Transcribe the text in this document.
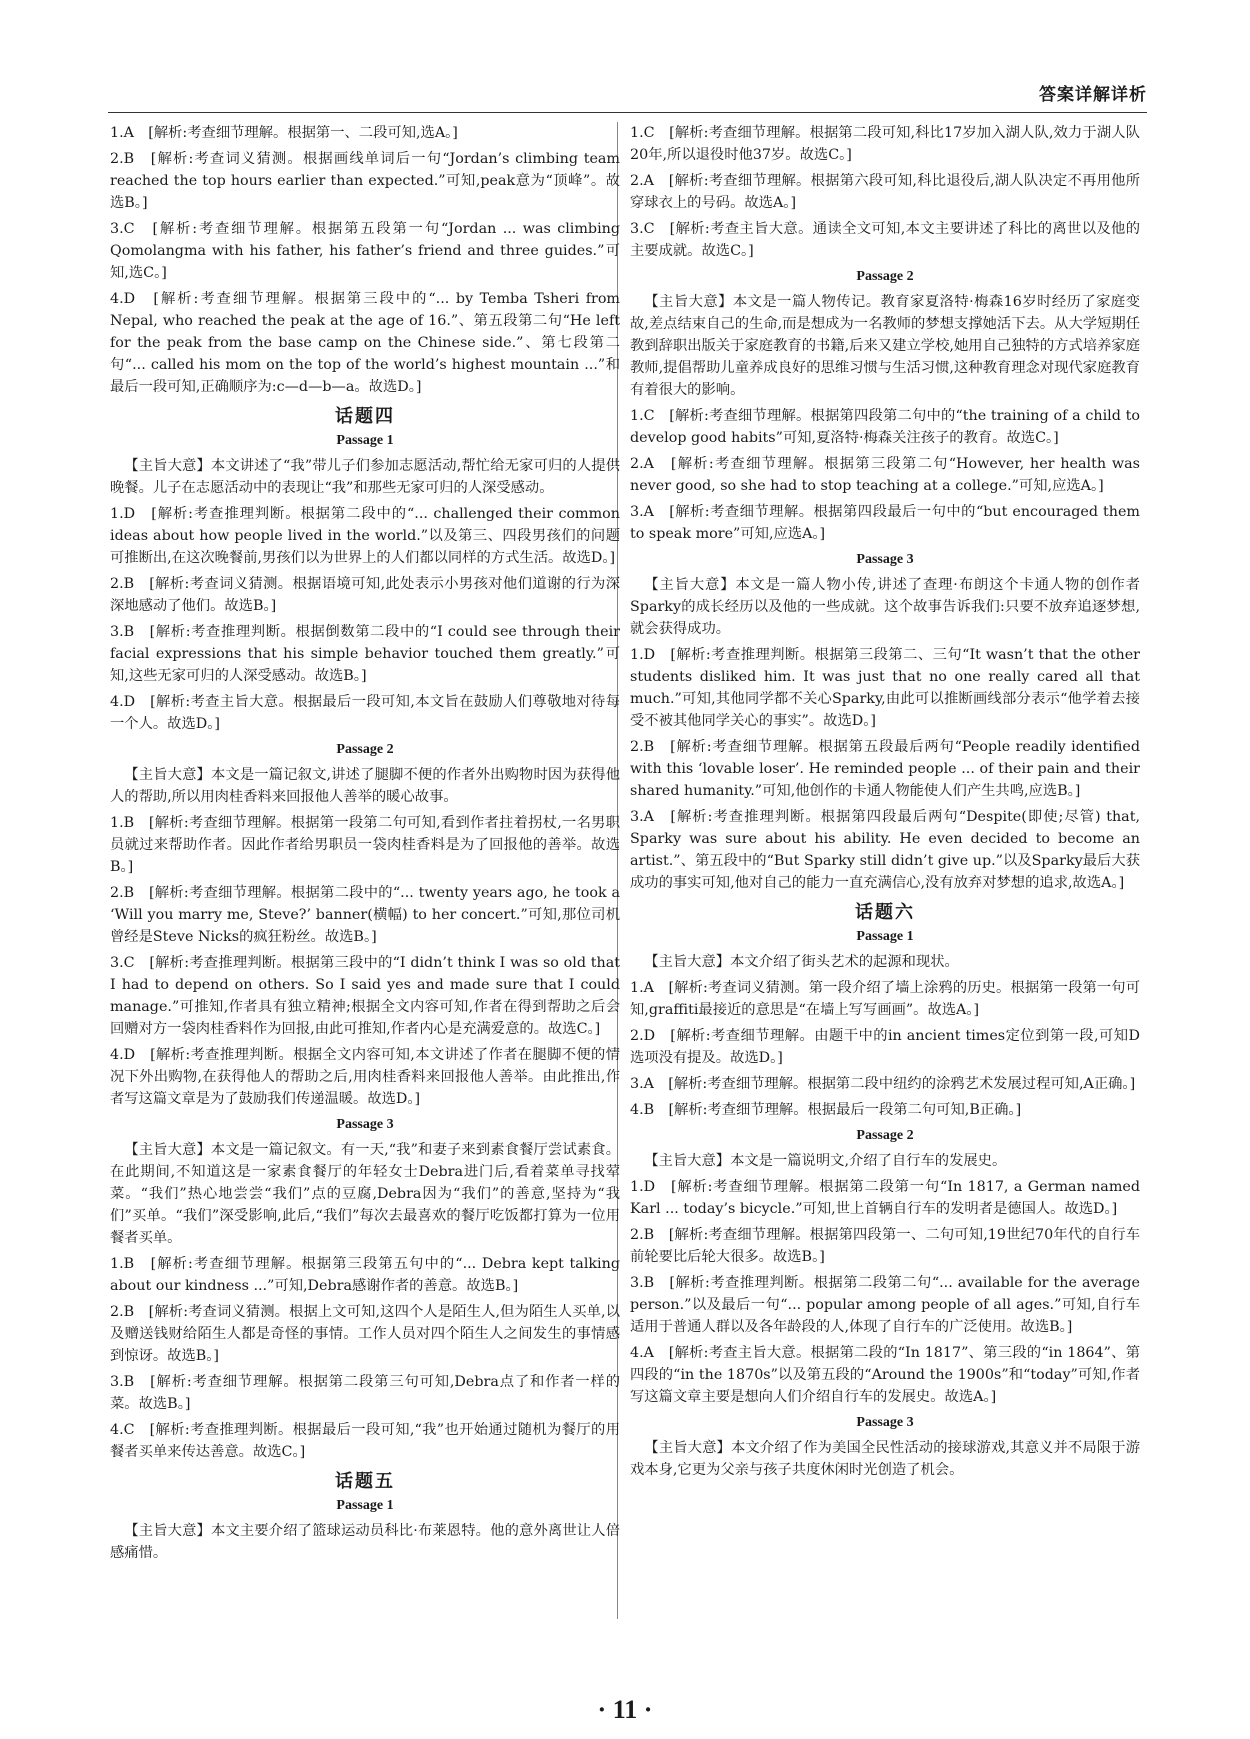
答案详解详析
1.A　[解析:考查细节理解。根据第一、二段可知,选A。]
2.B　[解析:考查词义猜测。根据画线单词后一句“Jordan’s climbing team reached the top hours earlier than expected.”可知,peak意为“顶峰”。故选B。]
3.C　[解析:考查细节理解。根据第五段第一句“Jordan ... was climbing Qomolangma with his father, his father’s friend and three guides.”可知,选C。]
4.D　[解析:考查细节理解。根据第三段中的“... by Temba Tsheri from Nepal, who reached the peak at the age of 16.”、第五段第二句“He left for the peak from the base camp on the Chinese side.”、第七段第二句“... called his mom on the top of the world’s highest mountain ...”和最后一段可知,正确顺序为:c—d—b—a。故选D。]
话题四
Passage 1
【主旨大意】本文讲述了“我”带儿子们参加志愿活动,帮忙给无家可归的人提供晚餐。儿子在志愿活动中的表现让“我”和那些无家可归的人深受感动。
1.D　[解析:考查推理判断。根据第二段中的“... challenged their common ideas about how people lived in the world.”以及第三、四段男孩们的问题可推断出,在这次晚餐前,男孩们以为世界上的人们都以同样的方式生活。故选D。]
2.B　[解析:考查词义猜测。根据语境可知,此处表示小男孩对他们道谢的行为深深地感动了他们。故选B。]
3.B　[解析:考查推理判断。根据倒数第二段中的“I could see through their facial expressions that his simple behavior touched them greatly.”可知,这些无家可归的人深受感动。故选B。]
4.D　[解析:考查主旨大意。根据最后一段可知,本文旨在鼓励人们尊敬地对待每一个人。故选D。]
Passage 2
【主旨大意】本文是一篇记叙文,讲述了腿脚不便的作者外出购物时因为获得他人的帮助,所以用肉桂香料来回报他人善举的暖心故事。
1.B　[解析:考查细节理解。根据第一段第二句可知,看到作者拄着拐杖,一名男职员就过来帮助作者。因此作者给男职员一袋肉桂香料是为了回报他的善举。故选B。]
2.B　[解析:考查细节理解。根据第二段中的“... twenty years ago, he took a ‘Will you marry me, Steve?’ banner(横幅) to her concert.”可知,那位司机曾经是Steve Nicks的疯狂粉丝。故选B。]
3.C　[解析:考查推理判断。根据第三段中的“I didn’t think I was so old that I had to depend on others. So I said yes and made sure that I could manage.”可推知,作者具有独立精神;根据全文内容可知,作者在得到帮助之后会回赠对方一袋肉桂香料作为回报,由此可推知,作者内心是充满爱意的。故选C。]
4.D　[解析:考查推理判断。根据全文内容可知,本文讲述了作者在腿脚不便的情况下外出购物,在获得他人的帮助之后,用肉桂香料来回报他人善举。由此推出,作者写这篇文章是为了鼓励我们传递温暖。故选D。]
Passage 3
【主旨大意】本文是一篇记叙文。有一天,“我”和妻子来到素食餐厅尝试素食。在此期间,不知道这是一家素食餐厅的年轻女士Debra进门后,看着菜单寻找荤菜。“我们”热心地尝尝“我们”点的豆腐,Debra因为“我们”的善意,坚持为“我们”买单。“我们”深受影响,此后,“我们”每次去最喜欢的餐厅吃饭都打算为一位用餐者买单。
1.B　[解析:考查细节理解。根据第三段第五句中的“... Debra kept talking about our kindness ...”可知,Debra感谢作者的善意。故选B。]
2.B　[解析:考查词义猜测。根据上文可知,这四个人是陌生人,但为陌生人买单,以及赠送钱财给陌生人都是奇怪的事情。工作人员对四个陌生人之间发生的事情感到惊讶。故选B。]
3.B　[解析:考查细节理解。根据第二段第三句可知,Debra点了和作者一样的菜。故选B。]
4.C　[解析:考查推理判断。根据最后一段可知,“我”也开始通过随机为餐厅的用餐者买单来传达善意。故选C。]
话题五
Passage 1
【主旨大意】本文主要介绍了篮球运动员科比·布莱恩特。他的意外离世让人倍感痛惜。
1.C　[解析:考查细节理解。根据第二段可知,科比17岁加入湖人队,效力于湖人队20年,所以退役时他37岁。故选C。]
2.A　[解析:考查细节理解。根据第六段可知,科比退役后,湖人队决定不再用他所穿球衣上的号码。故选A。]
3.C　[解析:考查主旨大意。通读全文可知,本文主要讲述了科比的离世以及他的主要成就。故选C。]
Passage 2
【主旨大意】本文是一篇人物传记。教育家夏洛特·梅森16岁时经历了家庭变故,差点结束自己的生命,而是想成为一名教师的梦想支撑她活下去。从大学短期任教到辞职出版关于家庭教育的书籍,后来又建立学校,她用自己独特的方式培养家庭教师,提倡帮助儿童养成良好的思维习惯与生活习惯,这种教育理念对现代家庭教育有着很大的影响。
1.C　[解析:考查细节理解。根据第四段第二句中的“the training of a child to develop good habits”可知,夏洛特·梅森关注孩子的教育。故选C。]
2.A　[解析:考查细节理解。根据第三段第二句“However, her health was never good, so she had to stop teaching at a college.”可知,应选A。]
3.A　[解析:考查细节理解。根据第四段最后一句中的“but encouraged them to speak more”可知,应选A。]
Passage 3
【主旨大意】本文是一篇人物小传,讲述了查理·布朗这个卡通人物的创作者Sparky的成长经历以及他的一些成就。这个故事告诉我们:只要不放弃追逐梦想,就会获得成功。
1.D　[解析:考查推理判断。根据第三段第二、三句“It wasn’t that the other students disliked him. It was just that no one really cared all that much.”可知,其他同学都不关心Sparky,由此可以推断画线部分表示“他学着去接受不被其他同学关心的事实”。故选D。]
2.B　[解析:考查细节理解。根据第五段最后两句“People readily identified with this ‘lovable loser’. He reminded people ... of their pain and their shared humanity.”可知,他创作的卡通人物能使人们产生共鸣,应选B。]
3.A　[解析:考查推理判断。根据第四段最后两句“Despite(即使;尽管) that, Sparky was sure about his ability. He even decided to become an artist.”、第五段中的“But Sparky still didn’t give up.”以及Sparky最后大获成功的事实可知,他对自己的能力一直充满信心,没有放弃对梦想的追求,故选A。]
话题六
Passage 1
【主旨大意】本文介绍了街头艺术的起源和现状。
1.A　[解析:考查词义猜测。第一段介绍了墙上涂鸦的历史。根据第一段第一句可知,graffiti最接近的意思是“在墙上写写画画”。故选A。]
2.D　[解析:考查细节理解。由题干中的in ancient times定位到第一段,可知D选项没有提及。故选D。]
3.A　[解析:考查细节理解。根据第二段中纽约的涂鸦艺术发展过程可知,A正确。]
4.B　[解析:考查细节理解。根据最后一段第二句可知,B正确。]
Passage 2
【主旨大意】本文是一篇说明文,介绍了自行车的发展史。
1.D　[解析:考查细节理解。根据第二段第一句“In 1817, a German named Karl ... today’s bicycle.”可知,世上首辆自行车的发明者是德国人。故选D。]
2.B　[解析:考查细节理解。根据第四段第一、二句可知,19世纪70年代的自行车前轮要比后轮大很多。故选B。]
3.B　[解析:考查推理判断。根据第二段第二句“... available for the average person.”以及最后一句“... popular among people of all ages.”可知,自行车适用于普通人群以及各年龄段的人,体现了自行车的广泛使用。故选B。]
4.A　[解析:考查主旨大意。根据第二段的“In 1817”、第三段的“in 1864”、第四段的“in the 1870s”以及第五段的“Around the 1900s”和“today”可知,作者写这篇文章主要是想向人们介绍自行车的发展史。故选A。]
Passage 3
【主旨大意】本文介绍了作为美国全民性活动的接球游戏,其意义并不局限于游戏本身,它更为父亲与孩子共度休闲时光创造了机会。
· 11 ·
